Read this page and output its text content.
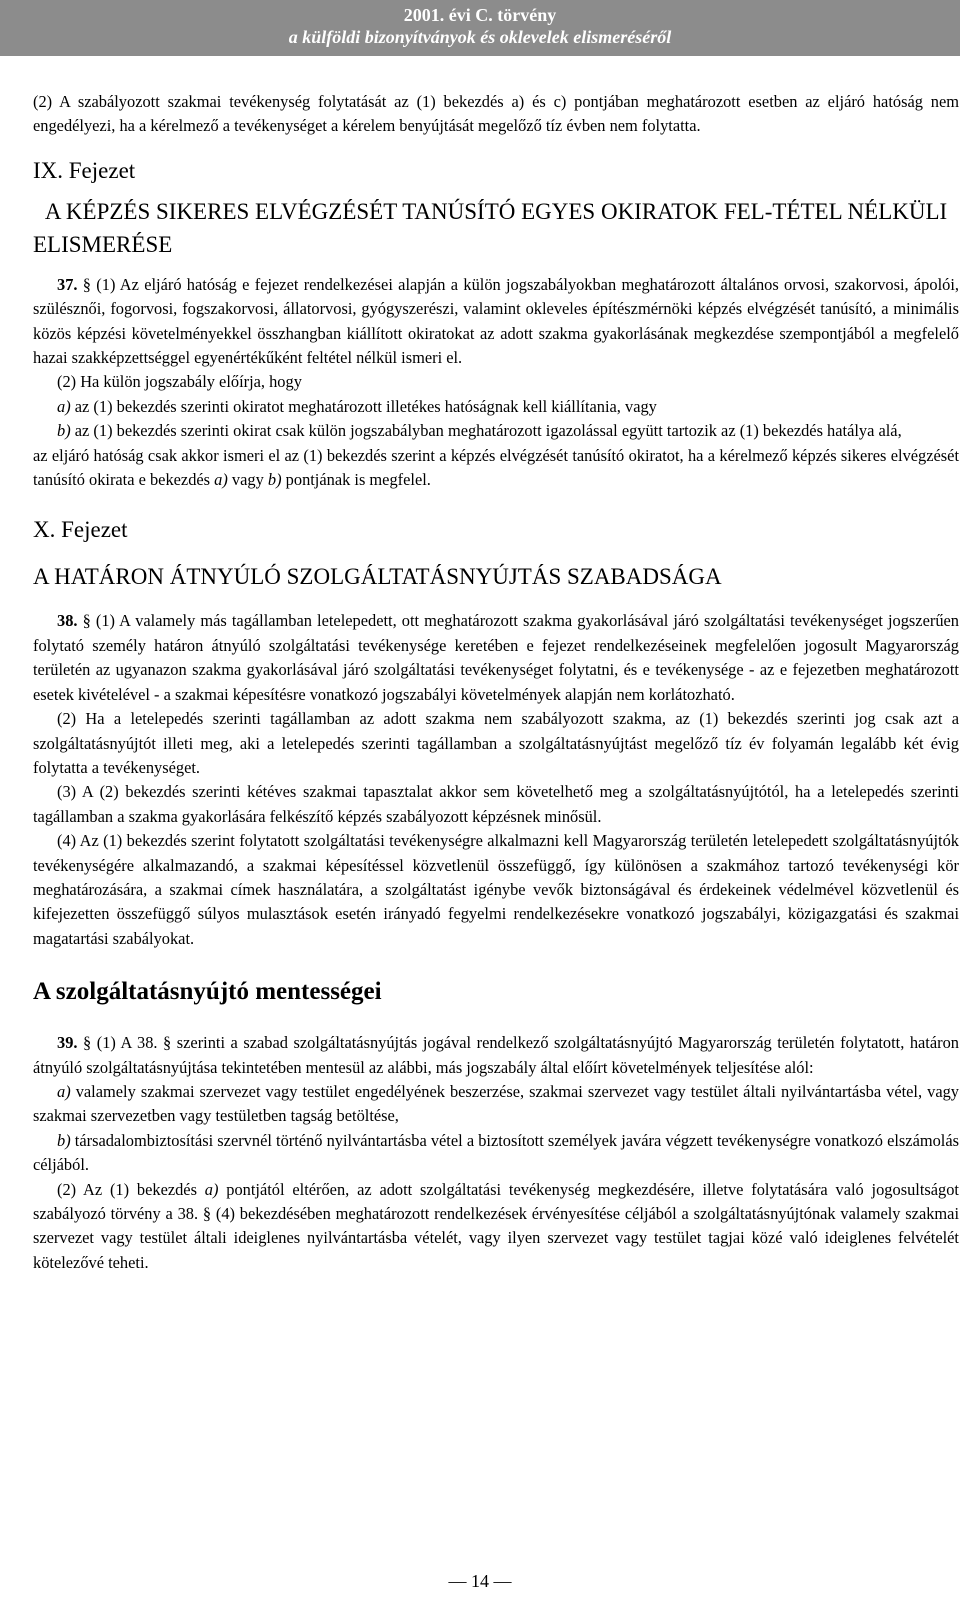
2001. évi C. törvény
a külföldi bizonyítványok és oklevelek elismeréséről

(2) A szabályozott szakmai tevékenység folytatását az (1) bekezdés a) és c) pontjában meghatározott esetben az eljáró hatóság nem engedélyezi, ha a kérelmező a tevékenységet a kérelem benyújtását megelőző tíz évben nem folytatta.

IX. Fejezet

A KÉPZÉS SIKERES ELVÉGZÉSÉT TANÚSÍTÓ EGYES OKIRATOK FEL-TÉTEL NÉLKÜLI ELISMERÉSE

37. § (1) Az eljáró hatóság e fejezet rendelkezései alapján a külön jogszabályokban meghatározott általános orvosi, szakorvosi, ápolói, szülésznői, fogorvosi, fogszakorvosi, állatorvosi, gyógyszerészi, valamint okleveles építészmérnöki képzés elvégzését tanúsító, a minimális közös képzési követelményekkel összhangban kiállított okiratokat az adott szakma gyakorlásának megkezdése szempontjából a megfelelő hazai szakképzettséggel egyenértékűként feltétel nélkül ismeri el.

(2) Ha külön jogszabály előírja, hogy

a) az (1) bekezdés szerinti okiratot meghatározott illetékes hatóságnak kell kiállítania, vagy

b) az (1) bekezdés szerinti okirat csak külön jogszabályban meghatározott igazolással együtt tartozik az (1) bekezdés hatálya alá,

az eljáró hatóság csak akkor ismeri el az (1) bekezdés szerint a képzés elvégzését tanúsító okiratot, ha a kérelmező képzés sikeres elvégzését tanúsító okirata e bekezdés a) vagy b) pontjának is megfelel.

X. Fejezet

A HATÁRON ÁTNYÚLÓ SZOLGÁLTATÁSNYÚJTÁS SZABADSÁGA

38. § (1) A valamely más tagállamban letelepedett, ott meghatározott szakma gyakorlásával járó szolgáltatási tevékenységet jogszerűen folytató személy határon átnyúló szolgáltatási tevékenysége keretében e fejezet rendelkezéseinek megfelelően jogosult Magyarország területén az ugyanazon szakma gyakorlásával járó szolgáltatási tevékenységet folytatni, és e tevékenysége - az e fejezetben meghatározott esetek kivételével - a szakmai képesítésre vonatkozó jogszabályi követelmények alapján nem korlátozható.

(2) Ha a letelepedés szerinti tagállamban az adott szakma nem szabályozott szakma, az (1) bekezdés szerinti jog csak azt a szolgáltatásnyújtót illeti meg, aki a letelepedés szerinti tagállamban a szolgáltatásnyújtást megelőző tíz év folyamán legalább két évig folytatta a tevékenységet.

(3) A (2) bekezdés szerinti kétéves szakmai tapasztalat akkor sem követelhető meg a szolgáltatásnyújtótól, ha a letelepedés szerinti tagállamban a szakma gyakorlására felkészítő képzés szabályozott képzésnek minősül.

(4) Az (1) bekezdés szerint folytatott szolgáltatási tevékenységre alkalmazni kell Magyarország területén letelepedett szolgáltatásnyújtók tevékenységére alkalmazandó, a szakmai képesítéssel közvetlenül összefüggő, így különösen a szakmához tartozó tevékenységi kör meghatározására, a szakmai címek használatára, a szolgáltatást igénybe vevők biztonságával és érdekeinek védelmével közvetlenül és kifejezetten összefüggő súlyos mulasztások esetén irányadó fegyelmi rendelkezésekre vonatkozó jogszabályi, közigazgatási és szakmai magatartási szabályokat.

A szolgáltatásnyújtó mentességei

39. § (1) A 38. § szerinti a szabad szolgáltatásnyújtás jogával rendelkező szolgáltatásnyújtó Magyarország területén folytatott, határon átnyúló szolgáltatásnyújtása tekintetében mentesül az alábbi, más jogszabály által előírt követelmények teljesítése alól:

a) valamely szakmai szervezet vagy testület engedélyének beszerzése, szakmai szervezet vagy testület általi nyilvántartásba vétel, vagy szakmai szervezetben vagy testületben tagság betöltése,

b) társadalombiztosítási szervnél történő nyilvántartásba vétel a biztosított személyek javára végzett tevékenységre vonatkozó elszámolás céljából.

(2) Az (1) bekezdés a) pontjától eltérően, az adott szolgáltatási tevékenység megkezdésére, illetve folytatására való jogosultságot szabályozó törvény a 38. § (4) bekezdésében meghatározott rendelkezések érvényesítése céljából a szolgáltatásnyújtónak valamely szakmai szervezet vagy testület általi ideiglenes nyilvántartásba vételét, vagy ilyen szervezet vagy testület tagjai közé való ideiglenes felvételét kötelezővé teheti.

— 14 —
